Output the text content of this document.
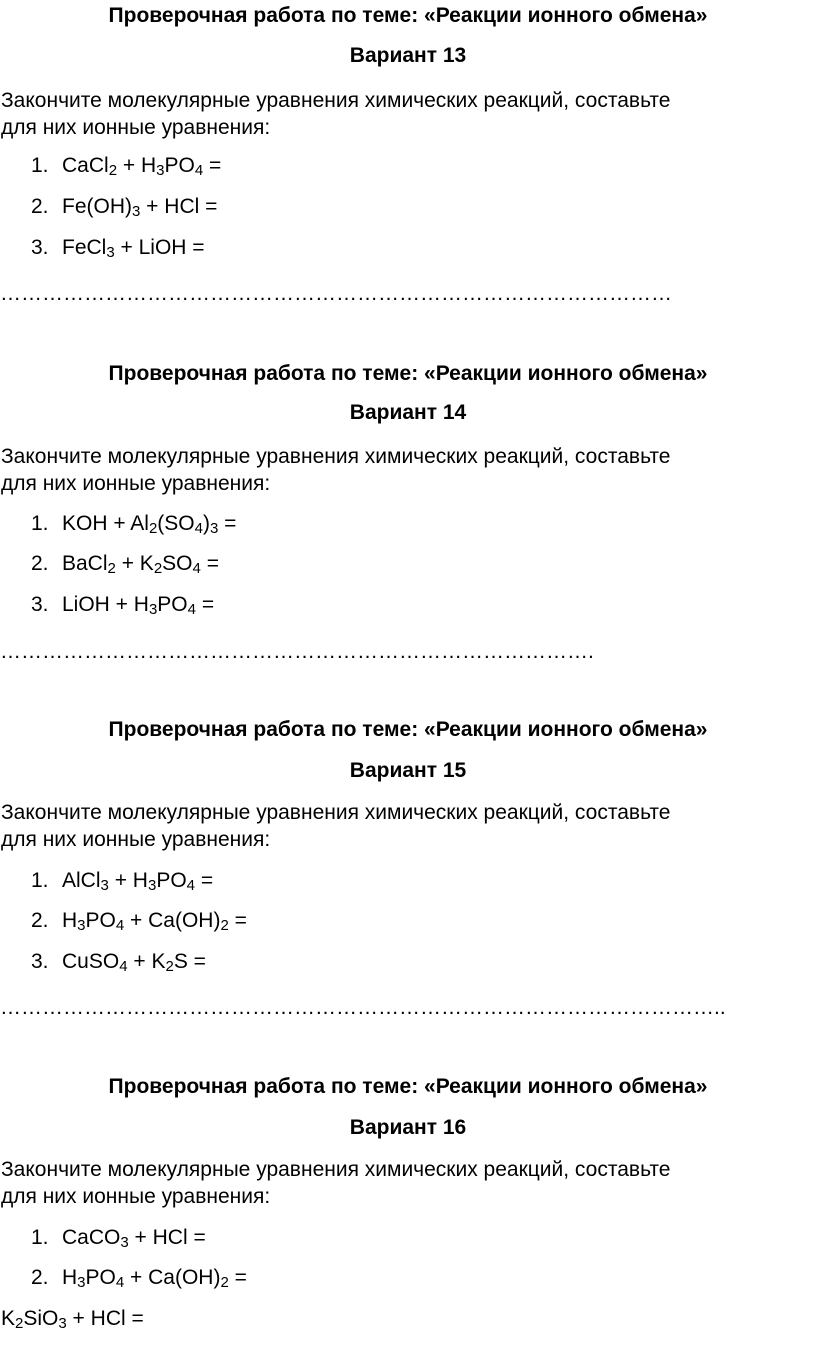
Проверочная работа по теме: «Реакции ионного обмена»
Вариант 13
Закончите молекулярные уравнения химических реакций, составьте
для них ионные уравнения:
1. CaCl$_2$ + $H_3PO_4$ =
2. $Fe(OH)_3$ + HCl =
3. FeCl$_3$ + LiOH =
……………………………………………………………………………………
Проверочная работа по теме: «Реакции ионного обмена»
Вариант 14
Закончите молекулярные уравнения химических реакций, составьте
для них ионные уравнения:
1. KOH + $Al_2(SO_4)_3$ =
2. BaCl$_2$ + $K_2SO_4$ =
3. LiOH + $H_3PO_4$ =
………………………………………………………………………….
Проверочная работа по теме: «Реакции ионного обмена»
Вариант 15
Закончите молекулярные уравнения химических реакций, составьте
для них ионные уравнения:
1. AlCl$_3$ + $H_3PO_4$ =
2. $H_3PO_4 + Ca(OH)_2$ =
3. CuSO$_4$ + $K_2S$ =
…………………………………………………………………………………………..
Проверочная работа по теме: «Реакции ионного обмена»
Вариант 16
Закончите молекулярные уравнения химических реакций, составьте
для них ионные уравнения:
1. CaCO$_3$ + HCl =
2. $H_3PO_4 + Ca(OH)_2$ =
$K_2SiO_3$ + HCl =
